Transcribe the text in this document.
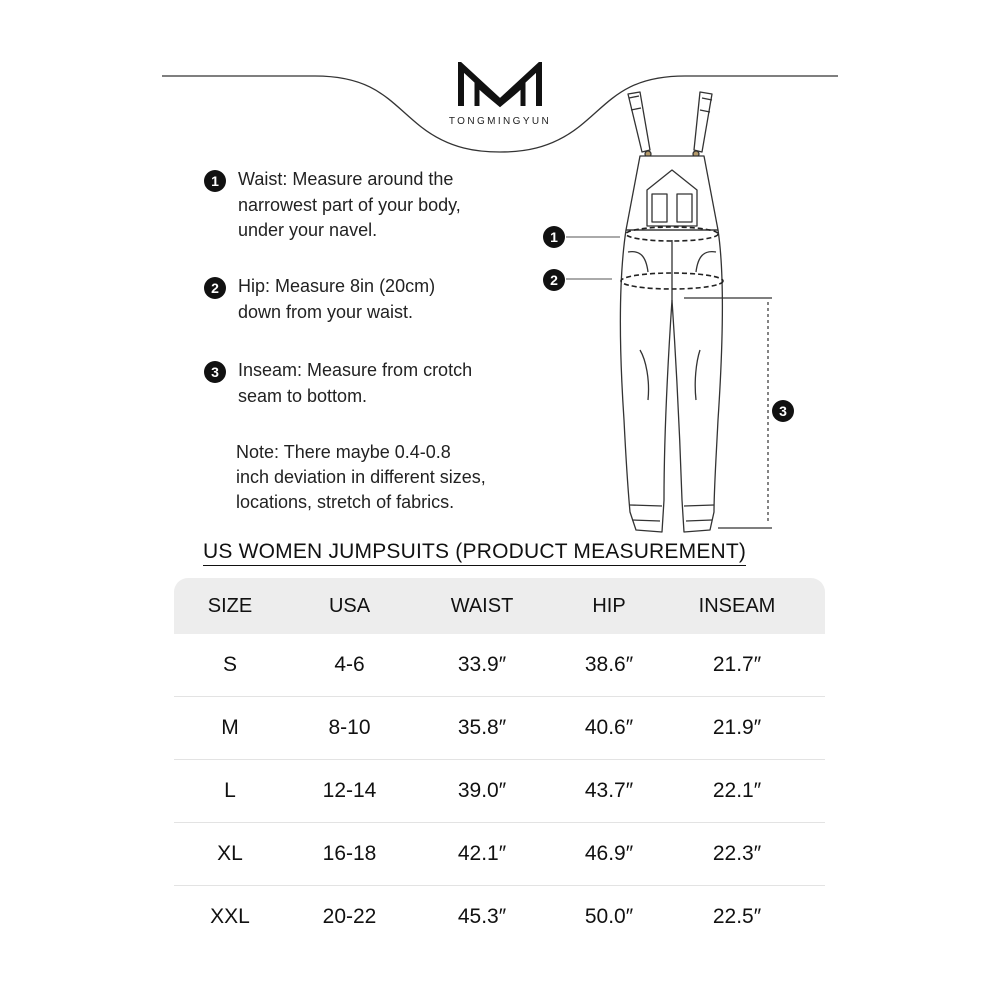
TONGMINGYUN
1	Waist: Measure around the
narrowest part of your body,
under your navel.
2	Hip: Measure 8in (20cm)
down from your waist.
3	Inseam: Measure from crotch
seam to bottom.
Note: There maybe 0.4-0.8
inch deviation in different sizes,
locations, stretch of fabrics.
1
2
3
US WOMEN JUMPSUITS (PRODUCT MEASUREMENT)
SIZE	USA	WAIST	HIP	INSEAM
S	4-6	33.9″	38.6″	21.7″
M	8-10	35.8″	40.6″	21.9″
L	12-14	39.0″	43.7″	22.1″
XL	16-18	42.1″	46.9″	22.3″
XXL	20-22	45.3″	50.0″	22.5″
